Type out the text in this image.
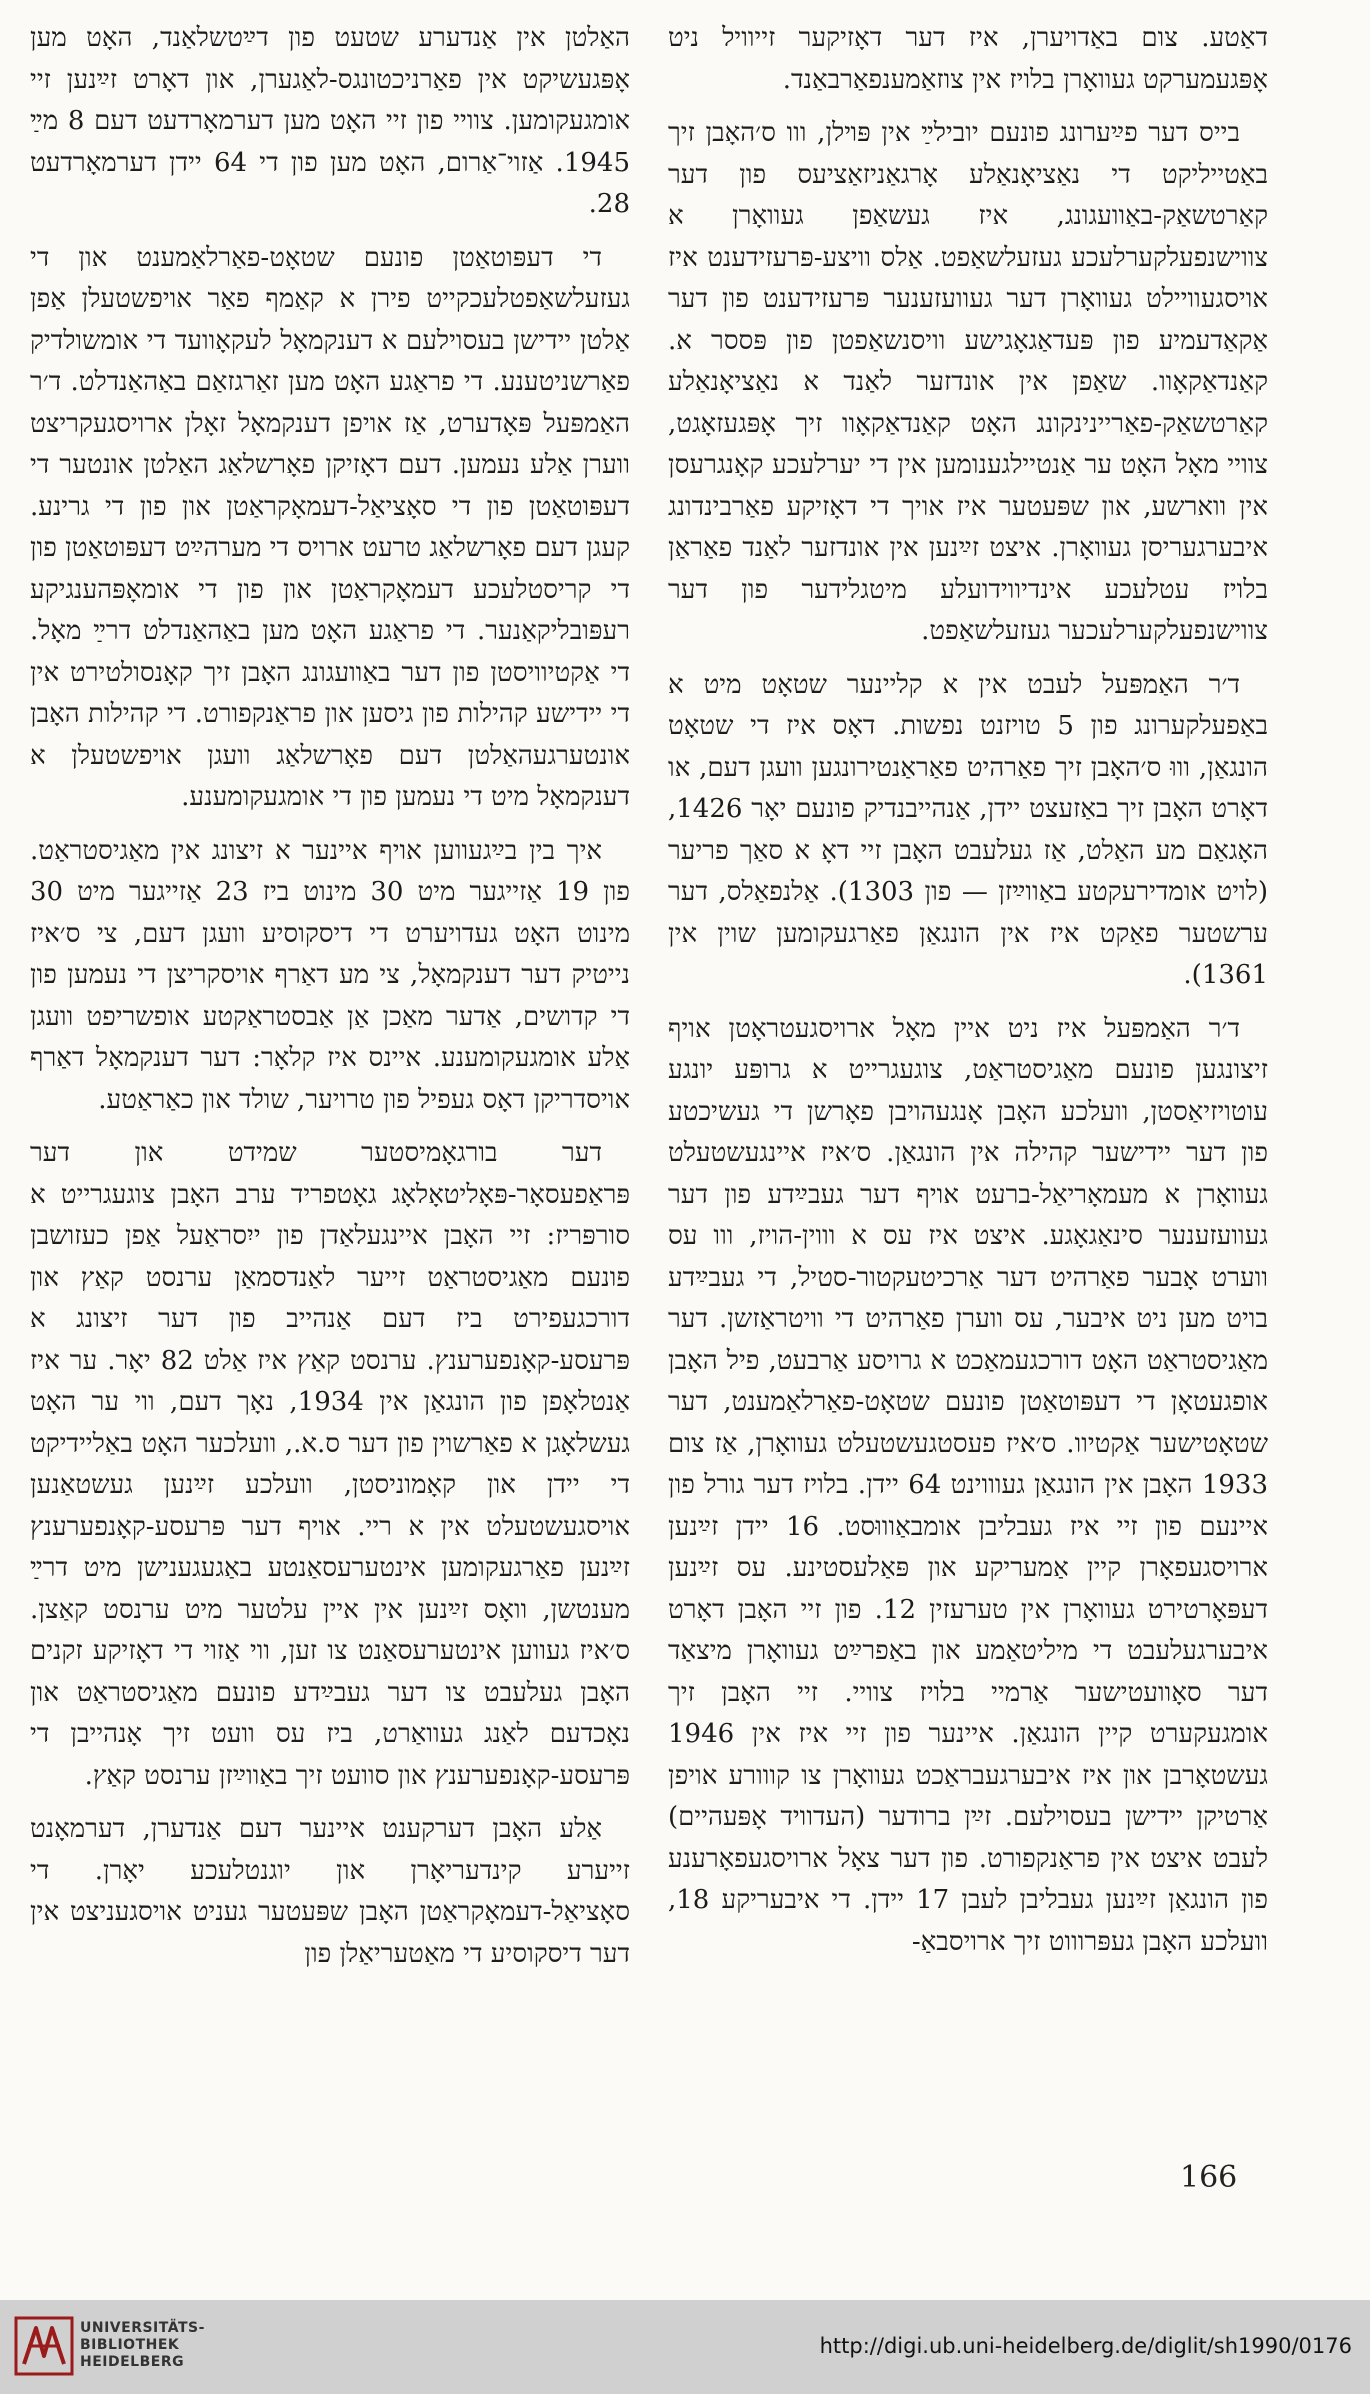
דאַטע. צום באַדויערן, איז דער דאָזיקער זייוויל ניט אָפּגעמערקט געוואָרן בלויז אין צוזאַמענפאַרבאַנד.

בייס דער פײַערונג פונעם יובילײַ אין פּױלן, ווו ס׳האָבן זיך באַטייליקט די נאַציאָנאַלע אָרגאַניזאַציעס פון דער קאַרטשאַק-באַוועגונג, איז געשאַפן געוואָרן א צווישנפעלקערלעכע געזעלשאַפט. אַלס וויצע-פּרעזידענט איז אויסגעוויילט געוואָרן דער געוועזענער פּרעזידענט פון דער אַקאַדעמיע פון פּעדאַגאָגישע וויסנשאַפטן פון פּססר א. קאַנדאַקאָוו. שאַפן אין אונדזער לאַנד א נאַציאָנאַלע קאַרטשאַק-פאַריינינקונג האָט קאַנדאַקאָוו זיך אָפּגעזאָגט, צוויי מאָל האָט ער אַנטיילגענומען אין די יערלעכע קאָנגרעסן אין ווארשע, און שפּעטער איז אויך די דאָזיקע פאַרבינדונג איבערגעריסן געוואָרן. איצט זײַנען אין אונדזער לאַנד פאַראַן בלויז עטלעכע אינדיווידועלע מיטגלידער פון דער צווישנפעלקערלעכער געזעלשאַפט.

ד׳ר האַמפּעל לעבט אין א קליינער שטאָט מיט א באַפעלקערונג פון 5 טויזנט נפשות. דאָס איז די שטאָט הונגאַן, וווּ ס׳האָבן זיך פאַרהיט פאַראַנטירונגען וועגן דעם, או דאָרט האָבן זיך באַזעצט יידן, אַנהייבנדיק פונעם יאָר 1426, האָגאַם מע האַלט, אַז געלעבט האָבן זיי דאָ א סאַך פריער (לויט אומדירעקטע באַווײַזן — פון 1303). אַלנפאַלס, דער ערשטער פאַקט איז אין הונגאַן פאַרגעקומען שוין אין 1361).

ד׳ר האַמפּעל איז ניט איין מאָל ארויסגעטראָטן אויף זיצונגען פונעם מאַגיסטראַט, צוגעגרייט א גרופּע יונגע עוטויזיאַסטן, וועלכע האָבן אָנגעהויבן פאָרשן די געשיכטע פון דער יידישער קהילה אין הונגאַן. ס׳איז איינגעשטעלט געוואָרן א מעמאָריאַל-ברעט אויף דער געבײַדע פון דער געוועזענער סינאַגאָגע. איצט איז עס א וווין-הויז, ווו עס ווערט אָבער פאַרהיט דער אַרכיטעקטור-סטיל, די געבײַדע בויט מען ניט איבער, עס ווערן פאַרהיט די וויטראַזשן. דער מאַגיסטראַט האָט דורכגעמאַכט א גרויסע אַרבעט, פיל האָבן אופגעטאָן די דעפּוטאַטן פונעם שטאָט-פאַרלאַמענט, דער שטאָטישער אַקטיוו. ס׳איז פעסטגעשטעלט געוואָרן, אַז צום 1933 האָבן אין הונגאַן געוווינט 64 יידן. בלויז דער גורל פון איינעם פון זיי איז געבליבן אומבאַוווּסט. 16 יידן זײַנען ארויסגעפאָרן קיין אַמעריקע און פּאַלעסטינע. עס זײַנען דעפּאָרטירט געוואָרן אין טערעזין 12. פון זיי האָבן דאָרט איבערגעלעבט די מיליטאַמע און באַפרײַט געוואָרן מיצאַד דער סאָוועטישער אַרמיי בלויז צוויי. זיי האָבן זיך אומגעקערט קיין הונגאַן. איינער פון זיי איז אין 1946 געשטאָרבן און איז איבערגעבראַכט געוואָרן צו קווורע אויפן אַרטיקן יידישן בעסוילעם. זײַן ברודער (העדוויד אָפּעהיים) לעבט איצט אין פראַנקפורט. פון דער צאָל ארויסגעפאָרענע פון הונגאַן זײַנען געבליבן לעבן 17 יידן. די איבעריקע 18, וועלכע האָבן געפּרוווט זיך ארויסבאַ-

האַלטן אין אַנדערע שטעט פון דײַטשלאַנד, האָט מען אָפּגעשיקט אין פאַרניכטונגס-לאַגערן, און דאָרט זײַנען זיי אומגעקומען. צוויי פון זיי האָט מען דערמאָרדעט דעם 8 מײַ 1945. אַזוי־אַרום, האָט מען פון די 64 יידן דערמאָרדעט 28.

די דעפּוטאַטן פונעם שטאָט-פאַרלאַמענט און די געזעלשאַפטלעכקייט פירן א קאַמף פאַר אויפשטעלן אַפן אַלטן יידישן בעסוילעם א דענקמאָל לעקאָוועד די אומשולדיק פאַרשניטענע. די פראַגע האָט מען זאַרגזאַם באַהאַנדלט. ד׳ר האַמפּעל פּאָדערט, אַז אויפן דענקמאָל זאָלן ארויסגעקריצט ווערן אַלע נעמען. דעם דאָזיקן פאָרשלאַג האַלטן אונטער די דעפּוטאַטן פון די סאָציאַל-דעמאָקראַטן און פון די גרינע. קעגן דעם פאָרשלאַג טרעט ארויס די מערהײַט דעפּוטאַטן פון די קריסטלעכע דעמאָקראַטן און פון די אומאָפּהענגיקע רעפּובליקאַנער. די פראַגע האָט מען באַהאַנדלט דרײַ מאָל. די אַקטיוויסטן פון דער באַוועגונג האָבן זיך קאָנסולטירט אין די יידישע קהילות פון גיסען און פראַנקפורט. די קהילות האָבן אונטערגעהאַלטן דעם פאָרשלאַג וועגן אויפשטעלן א דענקמאָל מיט די נעמען פון די אומגעקומענע.

איך בין בײַגעווען אויף איינער א זיצונג אין מאַגיסטראַט. פון 19 אַזייגער מיט 30 מינוט ביז 23 אַזייגער מיט 30 מינוט האָט געדויערט די דיסקוסיע וועגן דעם, צי ס׳איז נייטיק דער דענקמאָל, צי מע דאַרף אויסקריצן די נעמען פון די קדושים, אַדער מאַכן אַן אַבסטראַקטע אופשריפט וועגן אַלע אומגעקומענע. איינס איז קלאָר: דער דענקמאָל דאַרף אויסדריקן דאָס געפיל פון טרויער, שולד און כאַראַטע.

דער בורגאָמיסטער שמידט און דער פּראַפעסאָר-פּאָליטאָלאָג גאָטפריד ערב האָבן צוגעגרייט א סורפּריז: זיי האָבן איינגעלאַדן פון ייִסראַעל אַפן כעזושבן פונעם מאַגיסטראַט זייער לאַנדסמאַן ערנסט קאַץ און דורכגעפירט ביז דעם אַנהייב פון דער זיצונג א פּרעסע-קאָנפערענץ. ערנסט קאַץ איז אַלט 82 יאָר. ער איז אַנטלאָפן פון הונגאַן אין 1934, נאָך דעם, ווי ער האָט געשלאָגן א פאַרשוין פון דער ס.א., וועלכער האָט באַליידיקט די יידן און קאָמוניסטן, וועלכע זײַנען געשטאַנען אויסגעשטעלט אין א ריי. אויף דער פּרעסע-קאָנפערענץ זײַנען פאַרגעקומען אינטערעסאַנטע באַגעגענישן מיט דרײַ מענטשן, וואָס זײַנען אין איין עלטער מיט ערנסט קאַצן. ס׳איז געווען אינטערעסאַנט צו זען, ווי אַזוי די דאָזיקע זקנים האָבן געלעבט צו דער געבײַדע פונעם מאַגיסטראַט און נאָכדעם לאַנג געוואַרט, ביז עס וועט זיך אָנהייבן די פּרעסע-קאָנפערענץ און סוועט זיך באַווײַזן ערנסט קאַץ.

אַלע האָבן דערקענט איינער דעם אַנדערן, דערמאָנט זייערע קינדעריאָרן און יוגנטלעכע יאָרן. די סאָציאַל-דעמאָקראַטן האָבן שפּעטער געניט אויסגעניצט אין דער דיסקוסיע די מאַטעריאַלן פון

166
UNIVERSITÄTS-
BIBLIOTHEK
HEIDELBERG
http://digi.ub.uni-heidelberg.de/diglit/sh1990/0176
